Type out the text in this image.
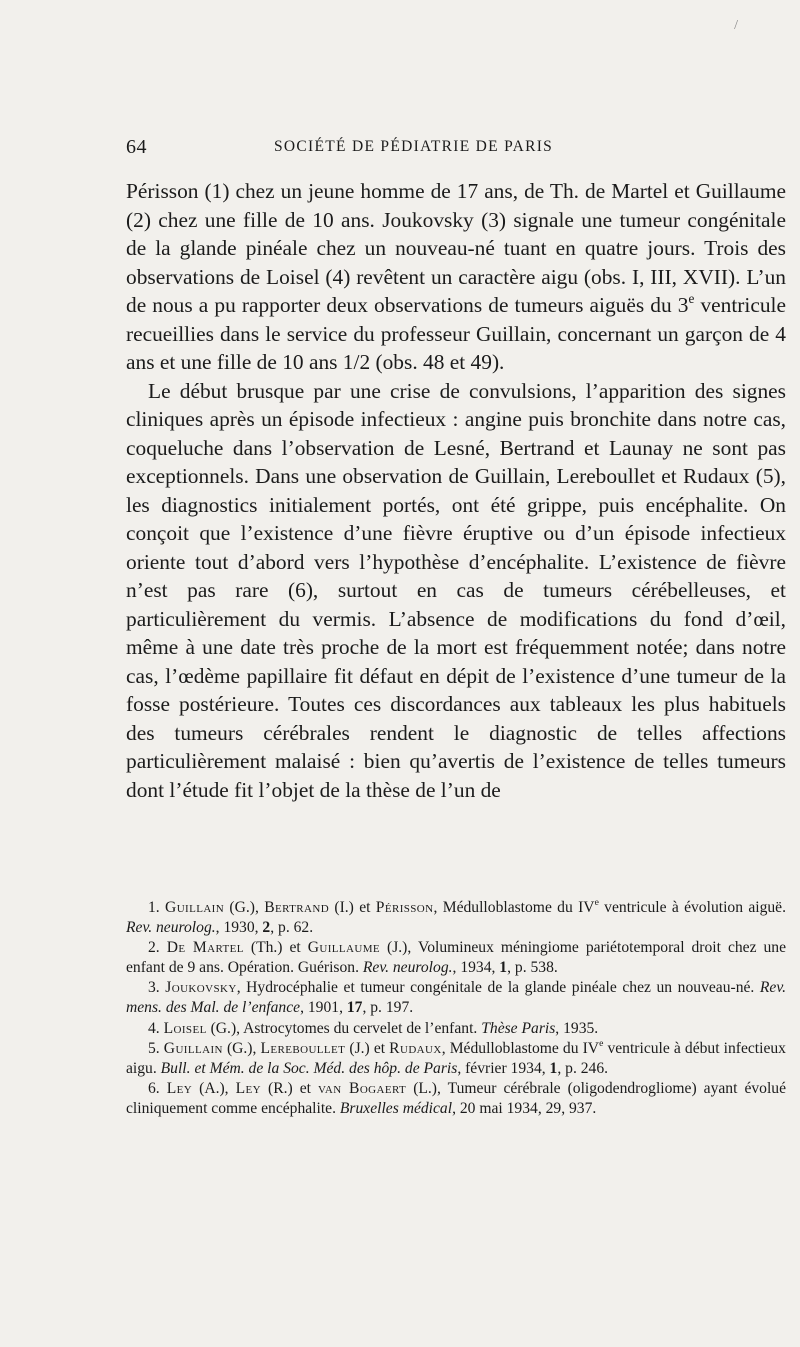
/
64	SOCIÉTÉ DE PÉDIATRIE DE PARIS

Périsson (1) chez un jeune homme de 17 ans, de Th. de Martel et Guillaume (2) chez une fille de 10 ans. Joukovsky (3) signale une tumeur congénitale de la glande pinéale chez un nouveau-né tuant en quatre jours. Trois des observations de Loisel (4) revêtent un caractère aigu (obs. I, III, XVII). L’un de nous a pu rapporter deux observations de tumeurs aiguës du 3e ventricule recueillies dans le service du professeur Guillain, concernant un garçon de 4 ans et une fille de 10 ans 1/2 (obs. 48 et 49).

Le début brusque par une crise de convulsions, l’apparition des signes cliniques après un épisode infectieux : angine puis bronchite dans notre cas, coqueluche dans l’observation de Lesné, Bertrand et Launay ne sont pas exceptionnels. Dans une observation de Guillain, Lereboullet et Rudaux (5), les diagnostics initialement portés, ont été grippe, puis encéphalite. On conçoit que l’existence d’une fièvre éruptive ou d’un épisode infectieux oriente tout d’abord vers l’hypothèse d’encéphalite. L’existence de fièvre n’est pas rare (6), surtout en cas de tumeurs cérébelleuses, et particulièrement du vermis. L’absence de modifications du fond d’œil, même à une date très proche de la mort est fréquemment notée; dans notre cas, l’œdème papillaire fit défaut en dépit de l’existence d’une tumeur de la fosse postérieure. Toutes ces discordances aux tableaux les plus habituels des tumeurs cérébrales rendent le diagnostic de telles affections particulièrement malaisé : bien qu’avertis de l’existence de telles tumeurs dont l’étude fit l’objet de la thèse de l’un de

1. Guillain (G.), Bertrand (I.) et Périsson, Médulloblastome du IVe ventricule à évolution aiguë. Rev. neurolog., 1930, 2, p. 62.

2. De Martel (Th.) et Guillaume (J.), Volumineux méningiome pariétotemporal droit chez une enfant de 9 ans. Opération. Guérison. Rev. neurolog., 1934, 1, p. 538.

3. Joukovsky, Hydrocéphalie et tumeur congénitale de la glande pinéale chez un nouveau-né. Rev. mens. des Mal. de l’enfance, 1901, 17, p. 197.

4. Loisel (G.), Astrocytomes du cervelet de l’enfant. Thèse Paris, 1935.

5. Guillain (G.), Lereboullet (J.) et Rudaux, Médulloblastome du IVe ventricule à début infectieux aigu. Bull. et Mém. de la Soc. Méd. des hôp. de Paris, février 1934, 1, p. 246.

6. Ley (A.), Ley (R.) et van Bogaert (L.), Tumeur cérébrale (oligodendrogliome) ayant évolué cliniquement comme encéphalite. Bruxelles médical, 20 mai 1934, 29, 937.
